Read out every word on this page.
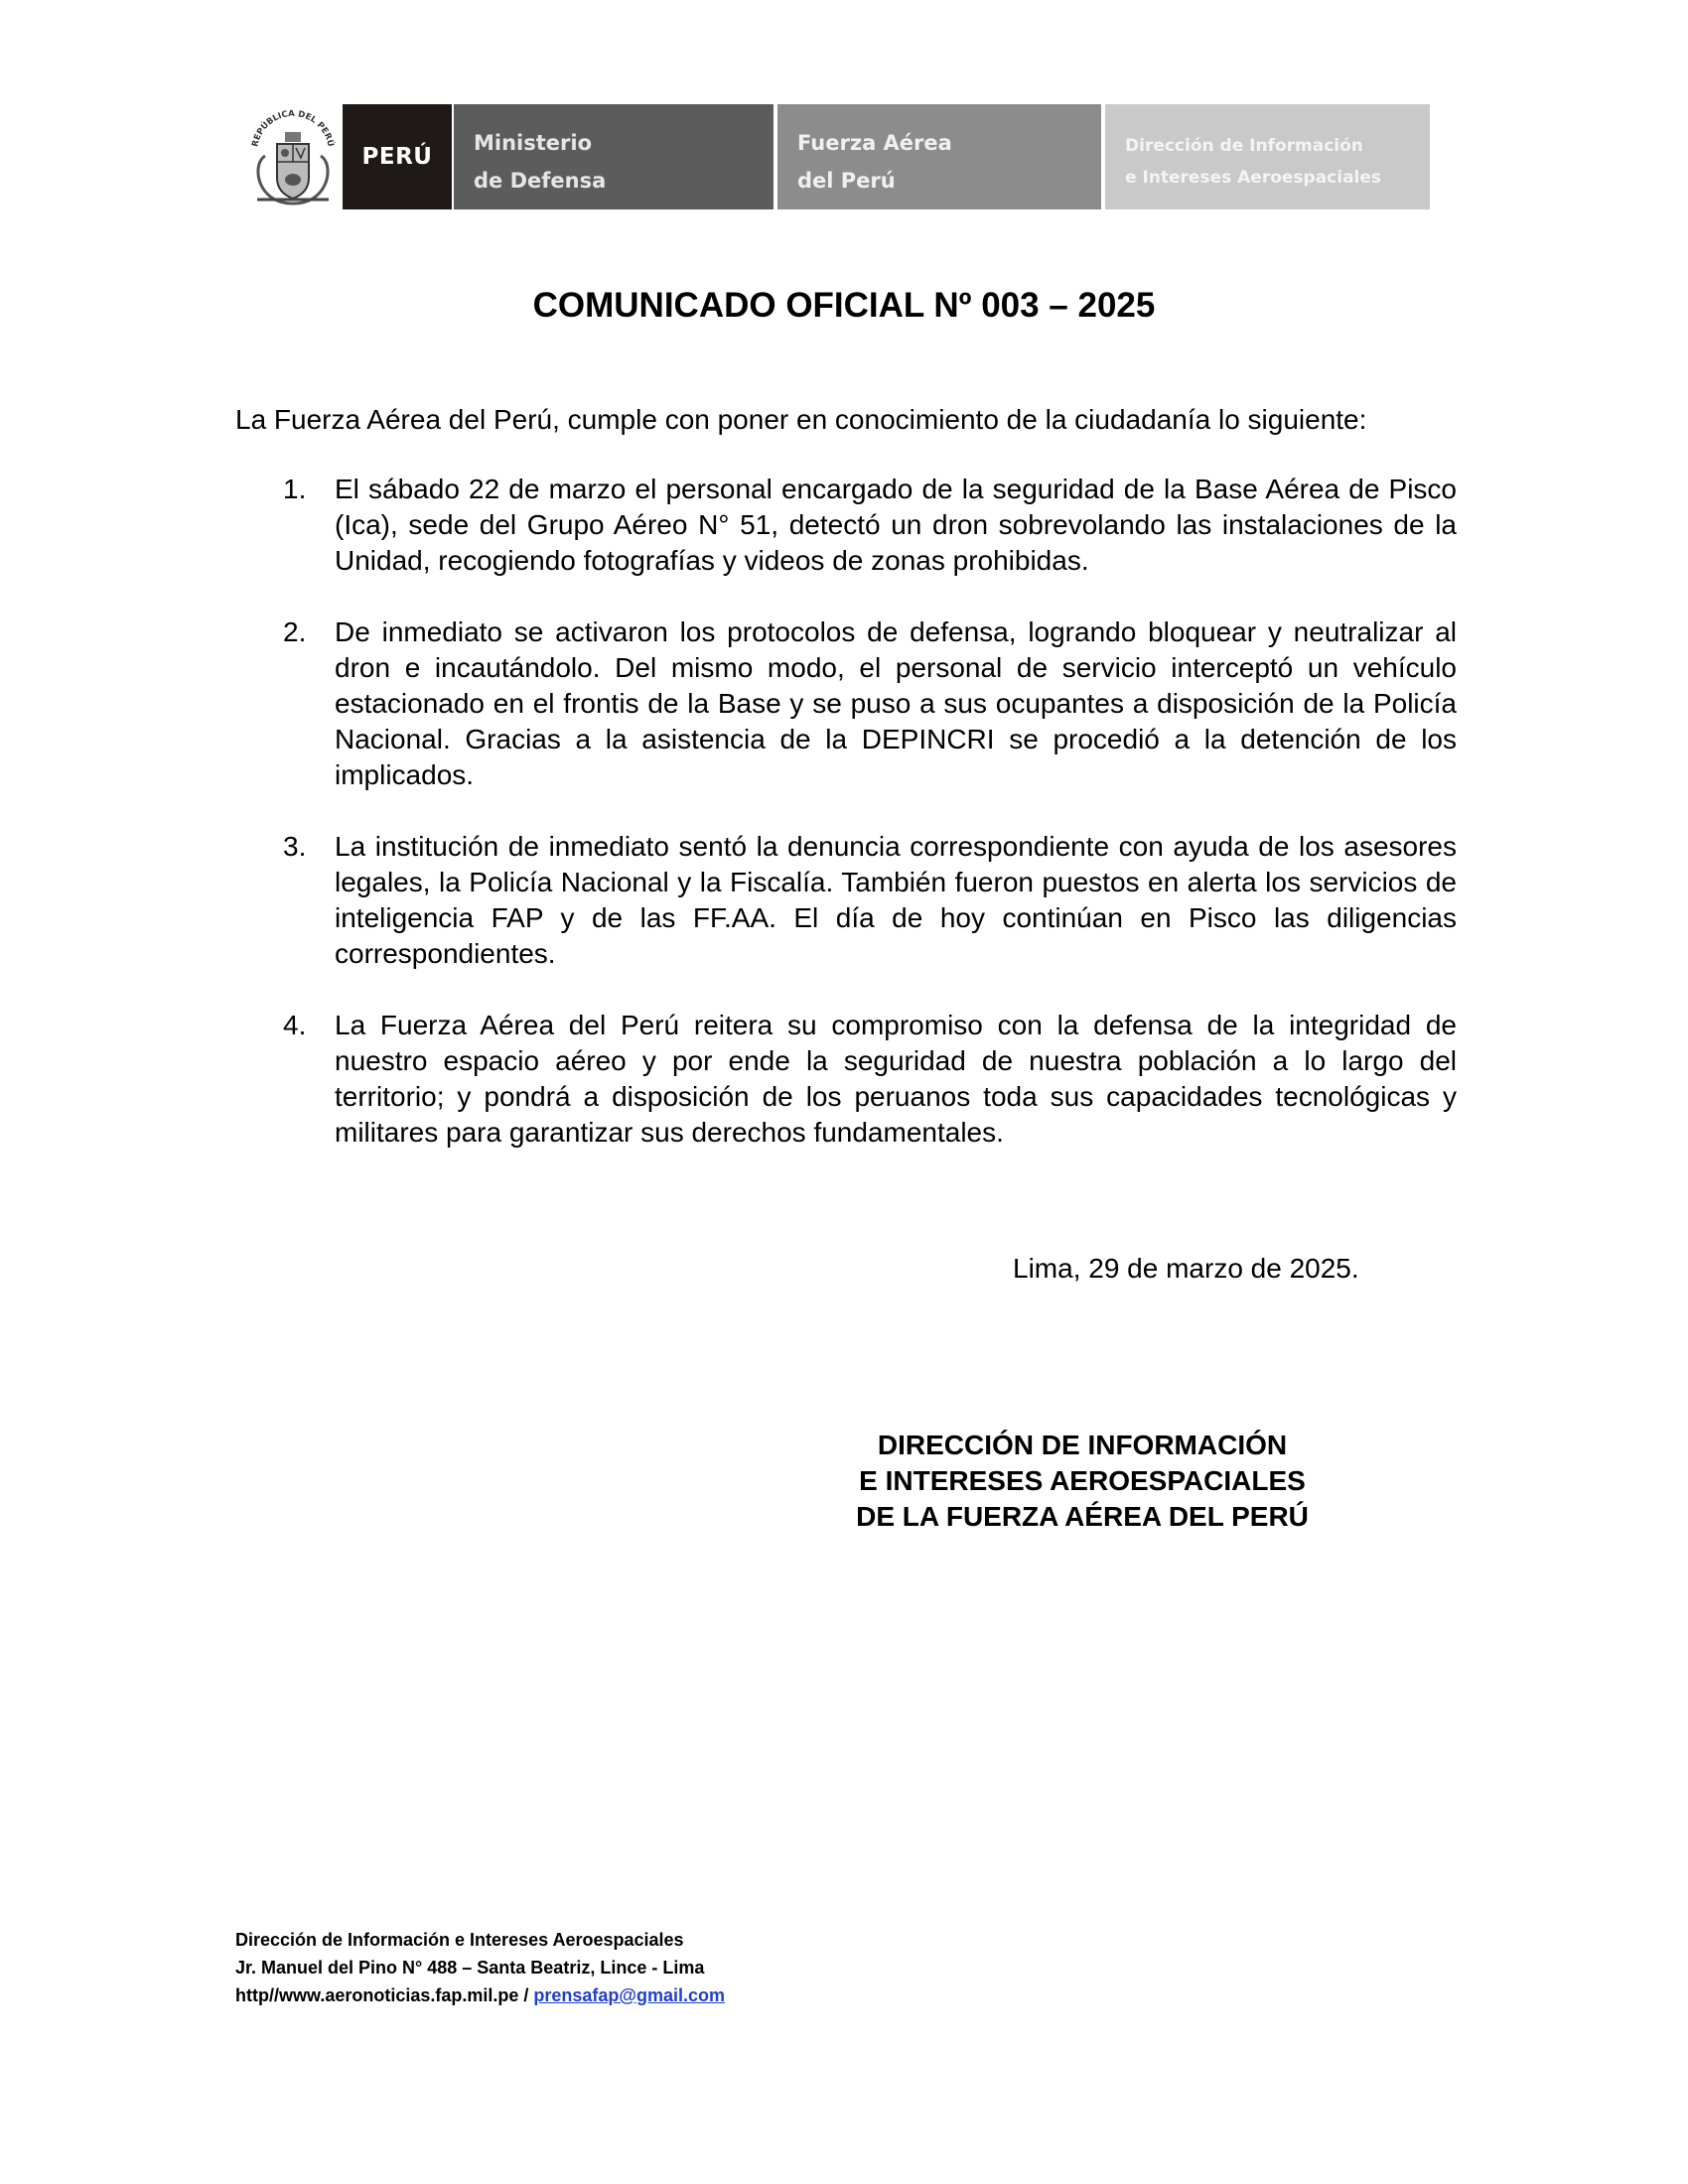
REPÚBLICA DEL PERÚ
PERÚ
Ministerio
de Defensa
Fuerza Aérea
del Perú
Dirección de Información
e Intereses Aeroespaciales
COMUNICADO OFICIAL Nº 003 – 2025
La Fuerza Aérea del Perú, cumple con poner en conocimiento de la ciudadanía lo siguiente:
1. El sábado 22 de marzo el personal encargado de la seguridad de la Base Aérea de Pisco (Ica), sede del Grupo Aéreo N° 51, detectó un dron sobrevolando las instalaciones de la Unidad, recogiendo fotografías y videos de zonas prohibidas.
2. De inmediato se activaron los protocolos de defensa, logrando bloquear y neutralizar al dron e incautándolo. Del mismo modo, el personal de servicio interceptó un vehículo estacionado en el frontis de la Base y se puso a sus ocupantes a disposición de la Policía Nacional. Gracias a la asistencia de la DEPINCRI se procedió a la detención de los implicados.
3. La institución de inmediato sentó la denuncia correspondiente con ayuda de los asesores legales, la Policía Nacional y la Fiscalía. También fueron puestos en alerta los servicios de inteligencia FAP y de las FF.AA. El día de hoy continúan en Pisco las diligencias correspondientes.
4. La Fuerza Aérea del Perú reitera su compromiso con la defensa de la integridad de nuestro espacio aéreo y por ende la seguridad de nuestra población a lo largo del territorio; y pondrá a disposición de los peruanos toda sus capacidades tecnológicas y militares para garantizar sus derechos fundamentales.
Lima, 29 de marzo de 2025.
DIRECCIÓN DE INFORMACIÓN
E INTERESES AEROESPACIALES
DE LA FUERZA AÉREA DEL PERÚ
Dirección de Información e Intereses Aeroespaciales
Jr. Manuel del Pino N° 488 – Santa Beatriz, Lince - Lima
http//www.aeronoticias.fap.mil.pe / prensafap@gmail.com
